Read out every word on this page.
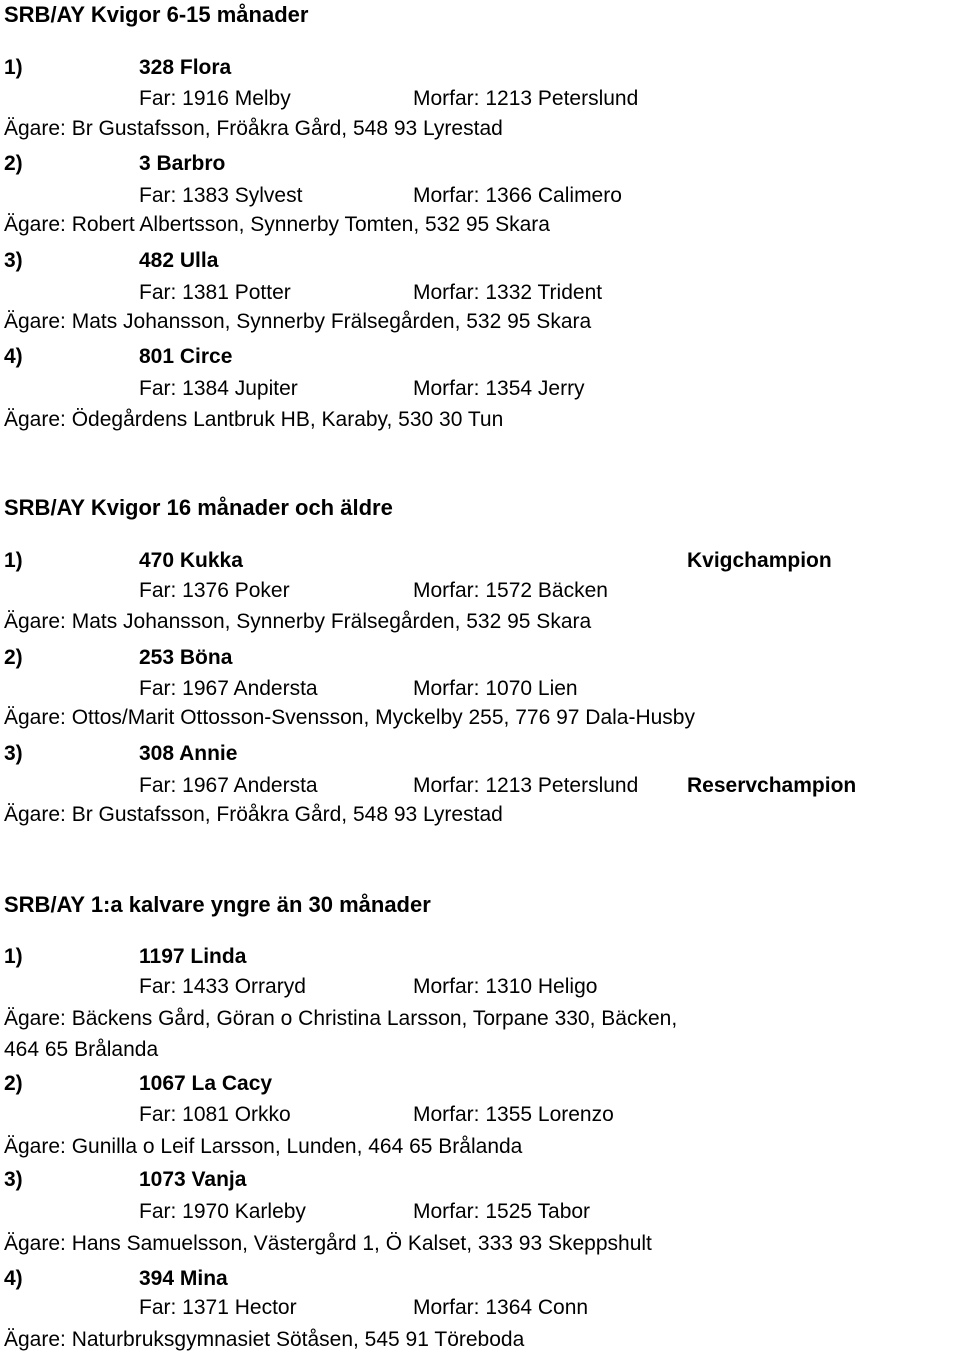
SRB/AY Kvigor 6-15 månader
1)	328 Flora
Far: 1916 Melby	Morfar: 1213 Peterslund
Ägare: Br Gustafsson, Fröåkra Gård, 548 93 Lyrestad
2)	3 Barbro
Far: 1383 Sylvest	Morfar: 1366 Calimero
Ägare: Robert Albertsson, Synnerby Tomten, 532 95 Skara
3)	482 Ulla
Far: 1381 Potter	Morfar: 1332 Trident
Ägare: Mats Johansson, Synnerby Frälsegården, 532 95 Skara
4)	801 Circe
Far: 1384 Jupiter	Morfar: 1354 Jerry
Ägare: Ödegårdens Lantbruk HB, Karaby, 530 30 Tun
SRB/AY Kvigor 16 månader och äldre
1)	470 Kukka	Kvigchampion
Far: 1376 Poker	Morfar: 1572 Bäcken
Ägare: Mats Johansson, Synnerby Frälsegården, 532 95 Skara
2)	253 Böna
Far: 1967 Andersta	Morfar: 1070 Lien
Ägare: Ottos/Marit Ottosson-Svensson, Myckelby 255, 776 97 Dala-Husby
3)	308 Annie
Far: 1967 Andersta	Morfar: 1213 Peterslund Reservchampion
Ägare: Br Gustafsson, Fröåkra Gård, 548 93 Lyrestad
SRB/AY 1:a kalvare yngre än 30 månader
1)	1197 Linda
Far: 1433 Orraryd	Morfar: 1310 Heligo
Ägare: Bäckens Gård, Göran o Christina Larsson, Torpane 330, Bäcken,
464 65 Brålanda
2)	1067 La Cacy
Far: 1081 Orkko	Morfar: 1355 Lorenzo
Ägare: Gunilla o Leif Larsson, Lunden, 464 65 Brålanda
3)	1073 Vanja
Far: 1970 Karleby	Morfar: 1525 Tabor
Ägare: Hans Samuelsson, Västergård 1, Ö Kalset, 333 93 Skeppshult
4)	394 Mina
Far: 1371 Hector	Morfar: 1364 Conn
Ägare: Naturbruksgymnasiet Sötåsen, 545 91 Töreboda
